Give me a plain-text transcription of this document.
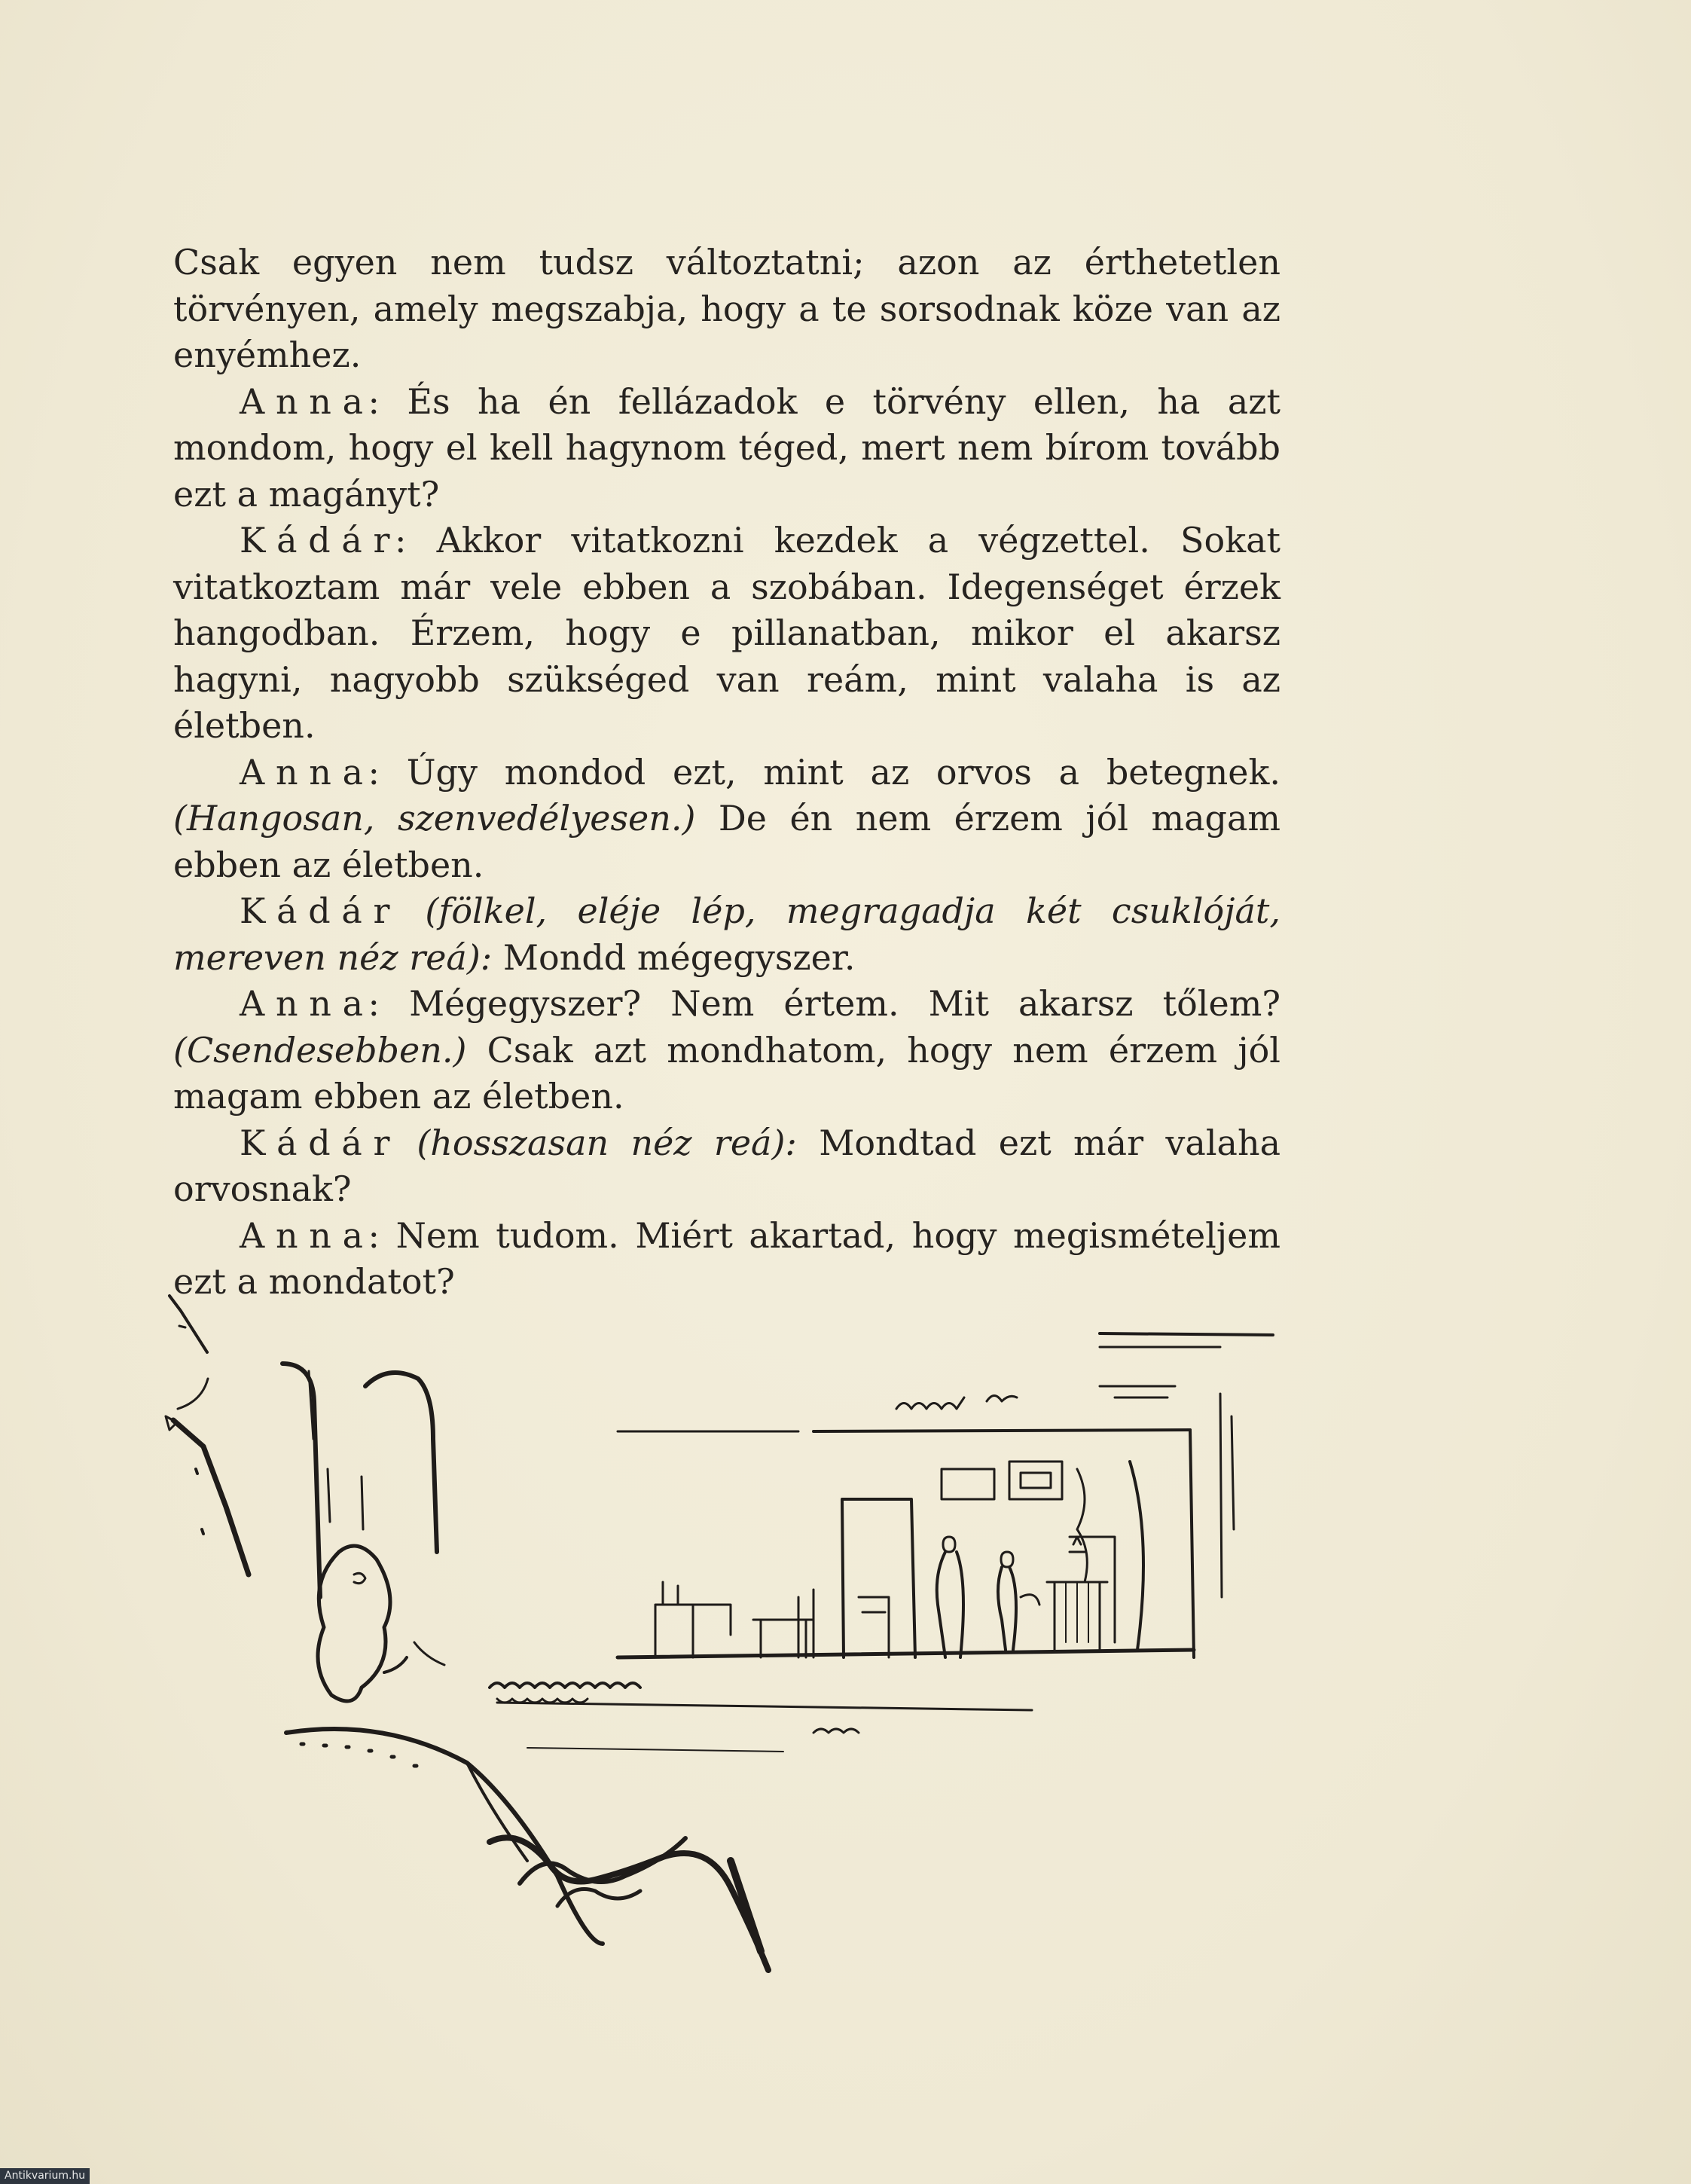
Csak egyen nem tudsz változtatni; azon az érthetetlen törvényen, amely megszabja, hogy a te sorsodnak köze van az enyémhez.

Anna: És ha én fellázadok e törvény ellen, ha azt mondom, hogy el kell hagynom téged, mert nem bírom tovább ezt a magányt?

Kádár: Akkor vitatkozni kezdek a végzettel. Sokat vitatkoztam már vele ebben a szobában. Idegenséget érzek hangodban. Érzem, hogy e pillanatban, mikor el akarsz hagyni, nagyobb szükséged van reám, mint valaha is az életben.

Anna: Úgy mondod ezt, mint az orvos a betegnek. (Hangosan, szenvedélyesen.) De én nem érzem jól magam ebben az életben.

Kádár (fölkel, eléje lép, megragadja két csuklóját, mereven néz reá): Mondd mégegyszer.

Anna: Mégegyszer? Nem értem. Mit akarsz tőlem? (Csendesebben.) Csak azt mondhatom, hogy nem érzem jól magam ebben az életben.

Kádár (hosszasan néz reá): Mondtad ezt már valaha orvosnak?

Anna: Nem tudom. Miért akartad, hogy megismételjem ezt a mondatot?

Antikvarium.hu
